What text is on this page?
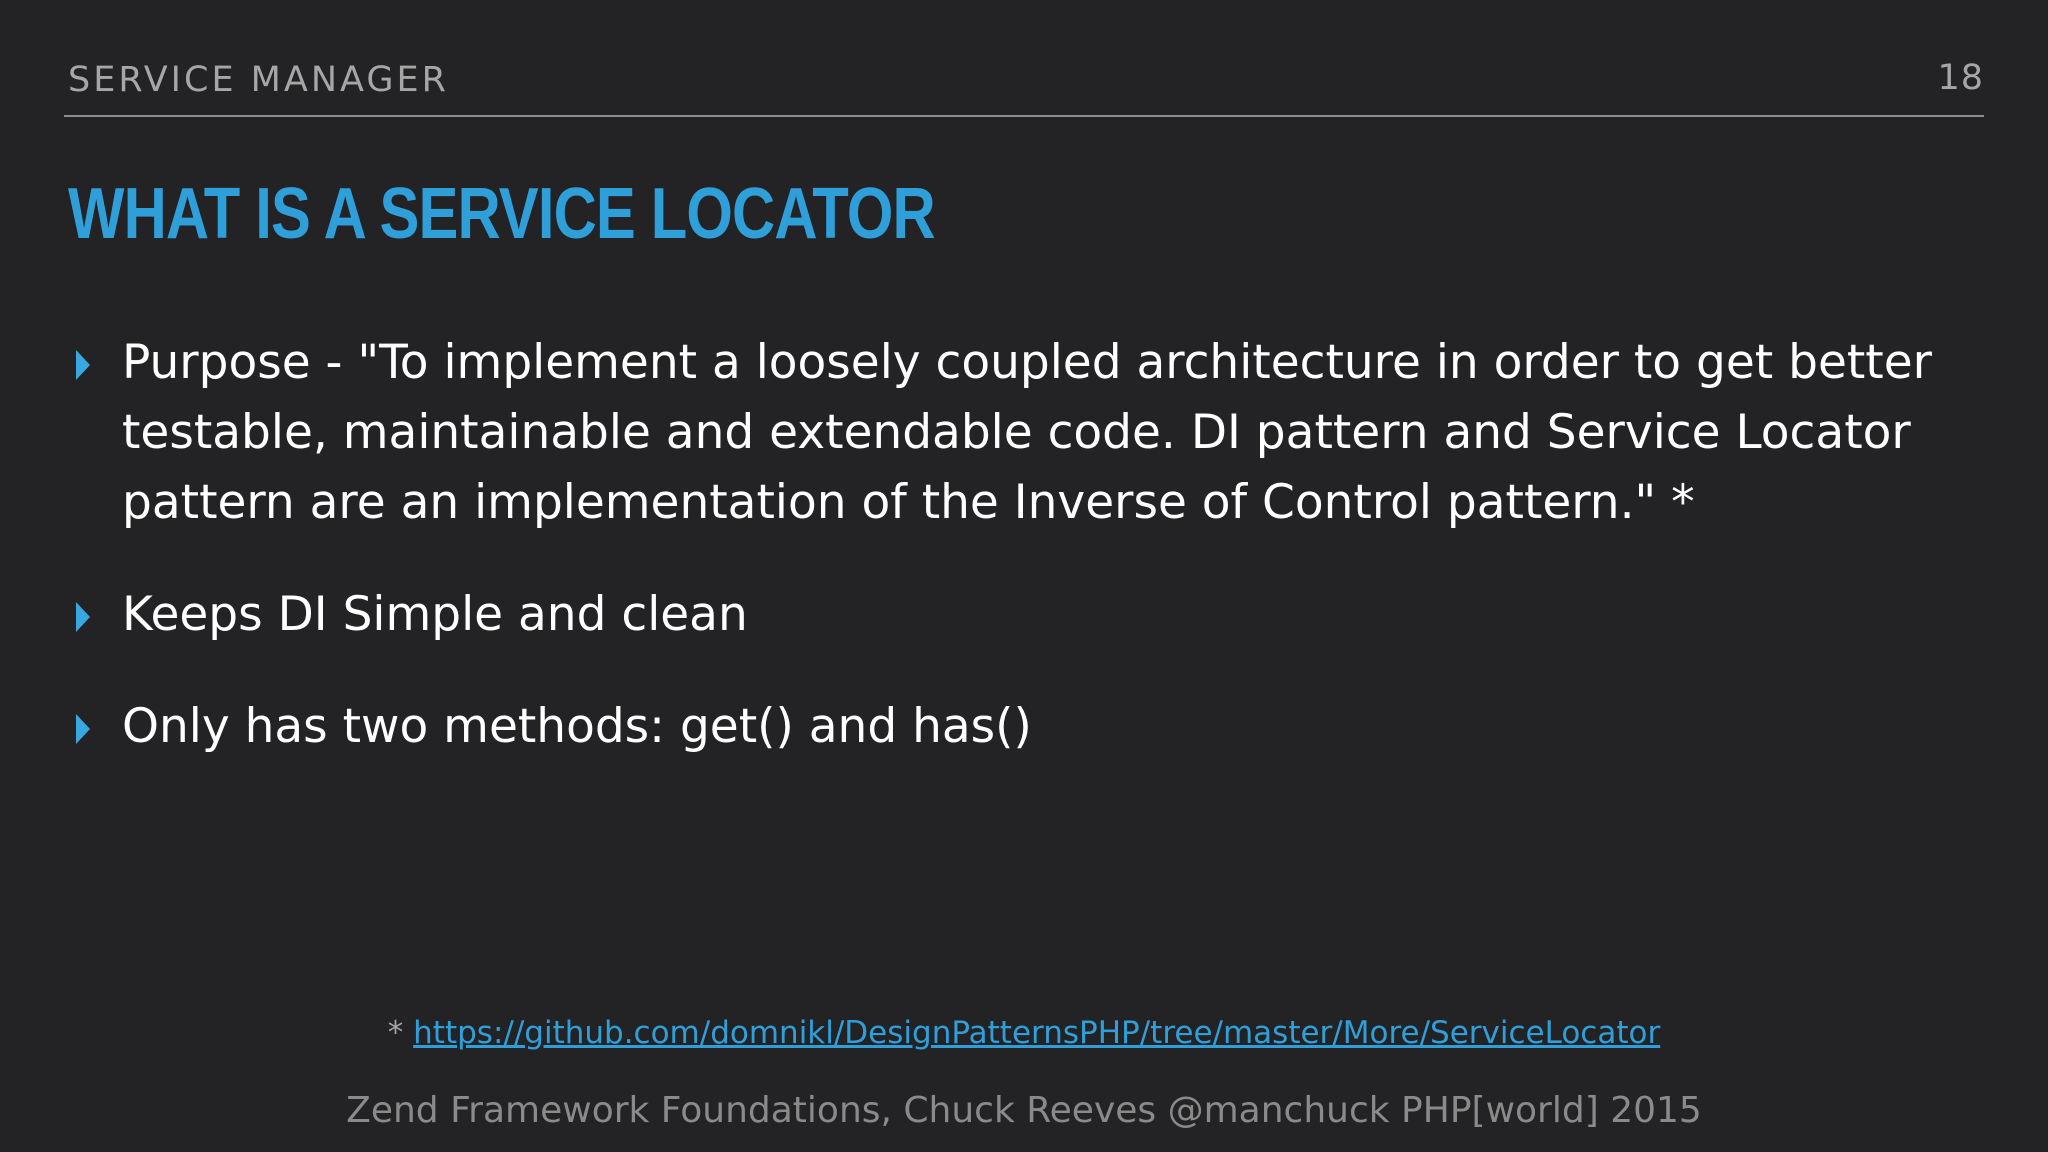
SERVICE MANAGER	18
WHAT IS A SERVICE LOCATOR
Purpose - "To implement a loosely coupled architecture in order to get better testable, maintainable and extendable code. DI pattern and Service Locator pattern are an implementation of the Inverse of Control pattern." *
Keeps DI Simple and clean
Only has two methods: get() and has()
* https://github.com/domnikl/DesignPatternsPHP/tree/master/More/ServiceLocator
Zend Framework Foundations, Chuck Reeves @manchuck PHP[world] 2015
